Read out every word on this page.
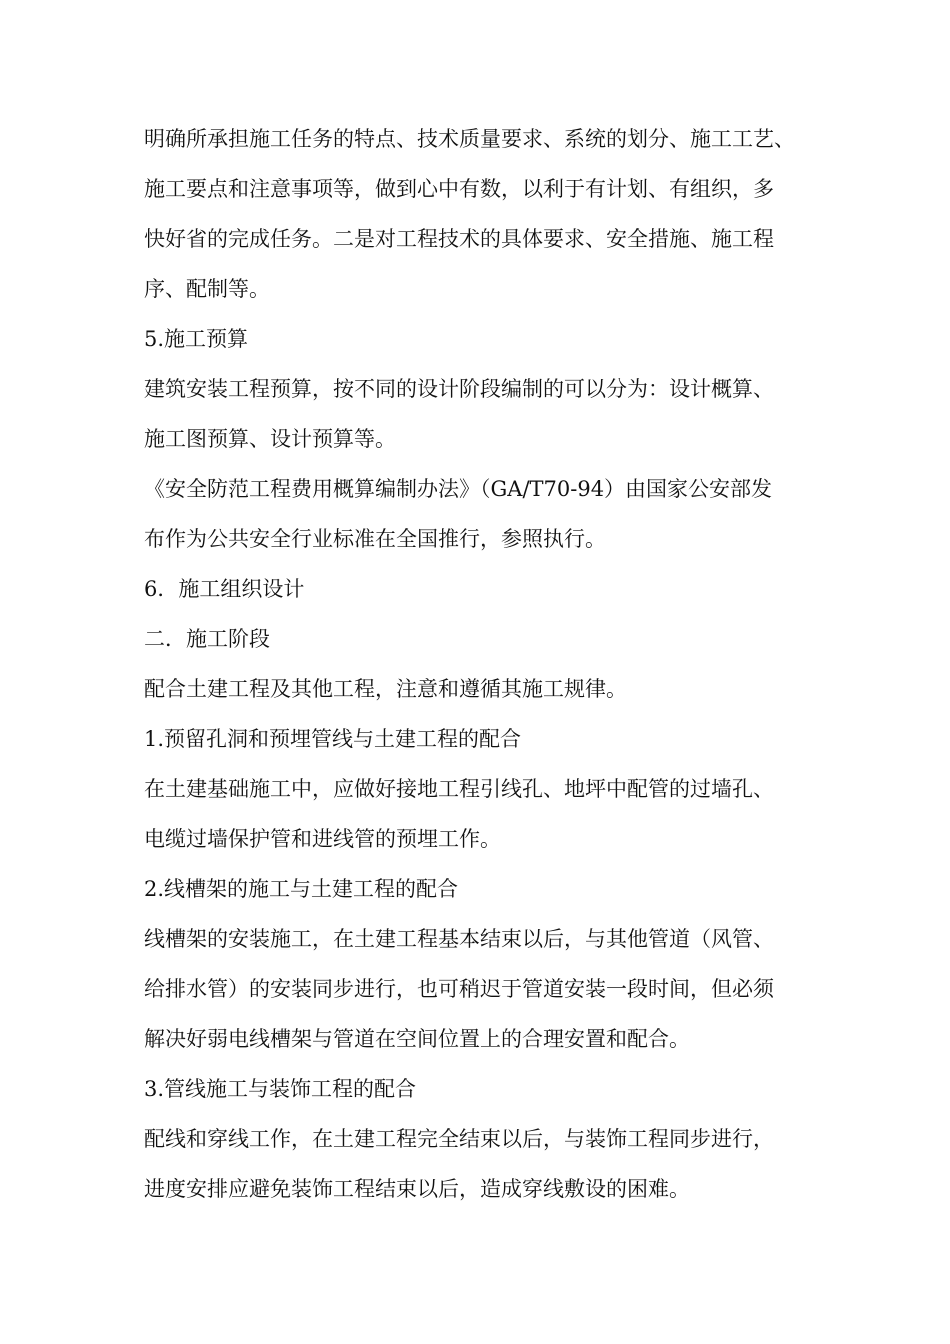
明确所承担施工任务的特点、技术质量要求、系统的划分、施工工艺、
施工要点和注意事项等，做到心中有数，以利于有计划、有组织，多
快好省的完成任务。二是对工程技术的具体要求、安全措施、施工程
序、配制等。

5.施工预算

建筑安装工程预算，按不同的设计阶段编制的可以分为：设计概算、
施工图预算、设计预算等。

《安全防范工程费用概算编制办法》（GA/T70-94）由国家公安部发
布作为公共安全行业标准在全国推行，参照执行。

6．施工组织设计
二．施工阶段

配合土建工程及其他工程，注意和遵循其施工规律。

1.预留孔洞和预埋管线与土建工程的配合

在土建基础施工中，应做好接地工程引线孔、地坪中配管的过墙孔、
电缆过墙保护管和进线管的预埋工作。

2.线槽架的施工与土建工程的配合

线槽架的安装施工，在土建工程基本结束以后，与其他管道（风管、
给排水管）的安装同步进行，也可稍迟于管道安装一段时间，但必须
解决好弱电线槽架与管道在空间位置上的合理安置和配合。

3.管线施工与装饰工程的配合

配线和穿线工作，在土建工程完全结束以后，与装饰工程同步进行，
进度安排应避免装饰工程结束以后，造成穿线敷设的困难。
